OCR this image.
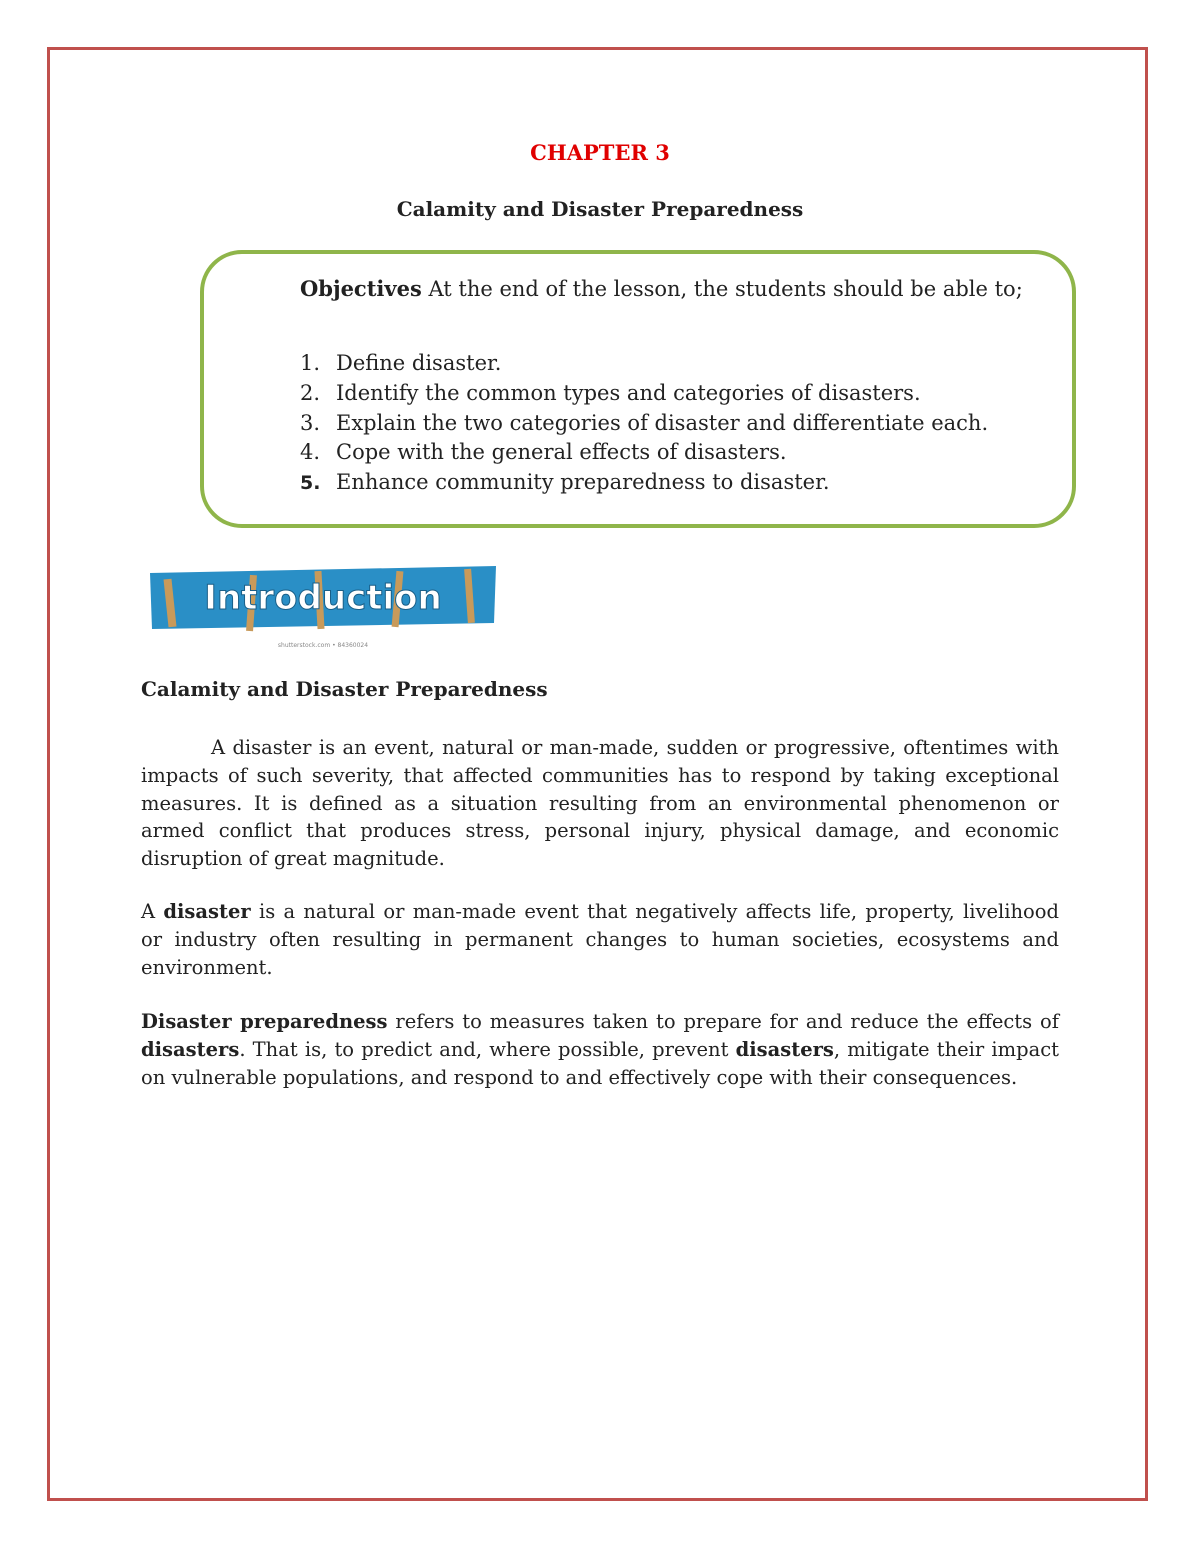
CHAPTER 3
Calamity and Disaster Preparedness

Objectives At the end of the lesson, the students should be able to;

1. Define disaster.
2. Identify the common types and categories of disasters.
3. Explain the two categories of disaster and differentiate each.
4. Cope with the general effects of disasters.
5. Enhance community preparedness to disaster.
Introduction
shutterstock.com • 84360024
Calamity and Disaster Preparedness

A disaster is an event, natural or man-made, sudden or progressive, oftentimes with impacts of such severity, that affected communities has to respond by taking exceptional measures. It is defined as a situation resulting from an environmental phenomenon or armed conflict that produces stress, personal injury, physical damage, and economic disruption of great magnitude.

A disaster is a natural or man-made event that negatively affects life, property, livelihood or industry often resulting in permanent changes to human societies, ecosystems and environment.

Disaster preparedness refers to measures taken to prepare for and reduce the effects of disasters. That is, to predict and, where possible, prevent disasters, mitigate their impact on vulnerable populations, and respond to and effectively cope with their consequences.
